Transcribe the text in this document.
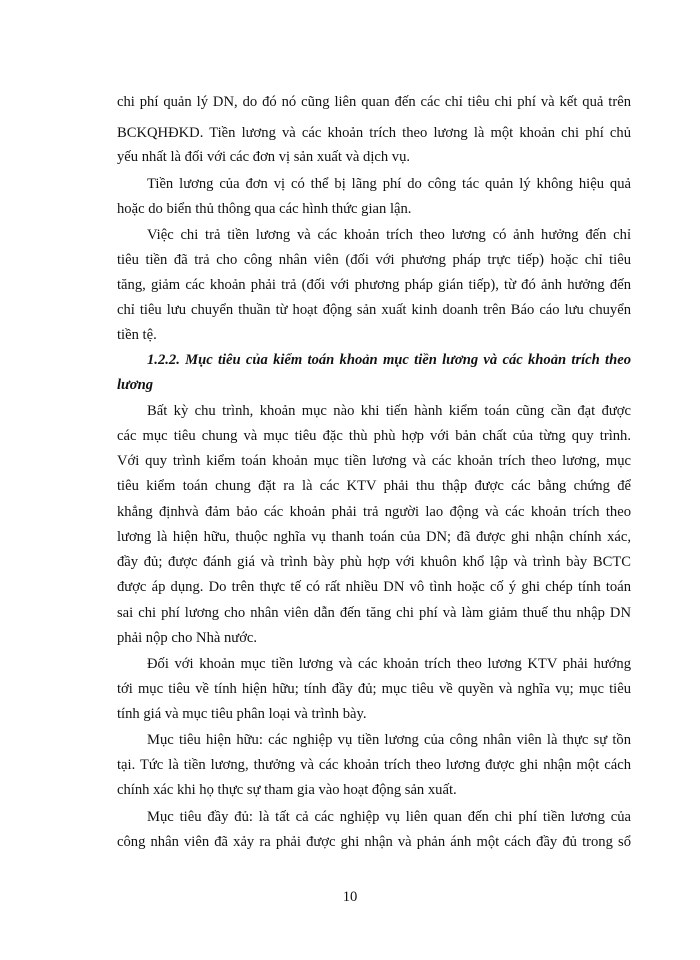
chi phí quản lý DN, do đó nó cũng liên quan đến các chỉ tiêu chi phí và kết quả trên
BCKQHĐKD. Tiền lương và các khoản trích theo lương là một khoản chi phí chủ
yếu nhất là đối với các đơn vị sản xuất và dịch vụ.
Tiền lương của đơn vị có thể bị lãng phí do công tác quản lý không hiệu quả
hoặc do biển thủ thông qua các hình thức gian lận.
Việc chi trả tiền lương và các khoản trích theo lương có ảnh hưởng đến chỉ
tiêu tiền đã trả cho công nhân viên (đối với phương pháp trực tiếp) hoặc chỉ tiêu
tăng, giảm các khoản phải trả (đối với phương pháp gián tiếp), từ đó ảnh hưởng đến
chỉ tiêu lưu chuyển thuần từ hoạt động sản xuất kinh doanh trên Báo cáo lưu chuyển
tiền tệ.
1.2.2. Mục tiêu của kiểm toán khoản mục tiền lương và các khoản trích theo
lương
Bất kỳ chu trình, khoản mục nào khi tiến hành kiểm toán cũng cần đạt được
các mục tiêu chung và mục tiêu đặc thù phù hợp với bản chất của từng quy trình.
Với quy trình kiểm toán khoản mục tiền lương và các khoản trích theo lương, mục
tiêu kiểm toán chung đặt ra là các KTV phải thu thập được các bằng chứng để
khẳng địnhvà đảm bảo các khoản phải trả người lao động và các khoản trích theo
lương là hiện hữu, thuộc nghĩa vụ thanh toán của DN; đã được ghi nhận chính xác,
đầy đủ; được đánh giá và trình bày phù hợp với khuôn khổ lập và trình bày BCTC
được áp dụng. Do trên thực tế có rất nhiều DN vô tình hoặc cố ý ghi chép tính toán
sai chi phí lương cho nhân viên dẫn đến tăng chi phí và làm giảm thuế thu nhập DN
phải nộp cho Nhà nước.
Đối với khoản mục tiền lương và các khoản trích theo lương KTV phải hướng
tới mục tiêu về tính hiện hữu; tính đầy đủ; mục tiêu về quyền và nghĩa vụ; mục tiêu
tính giá và mục tiêu phân loại và trình bày.
Mục tiêu hiện hữu: các nghiệp vụ tiền lương của công nhân viên là thực sự tồn
tại. Tức là tiền lương, thưởng và các khoản trích theo lương được ghi nhận một cách
chính xác khi họ thực sự tham gia vào hoạt động sản xuất.
Mục tiêu đầy đủ: là tất cả các nghiệp vụ liên quan đến chi phí tiền lương của
công nhân viên đã xảy ra phải được ghi nhận và phản ánh một cách đầy đủ trong sổ
10
